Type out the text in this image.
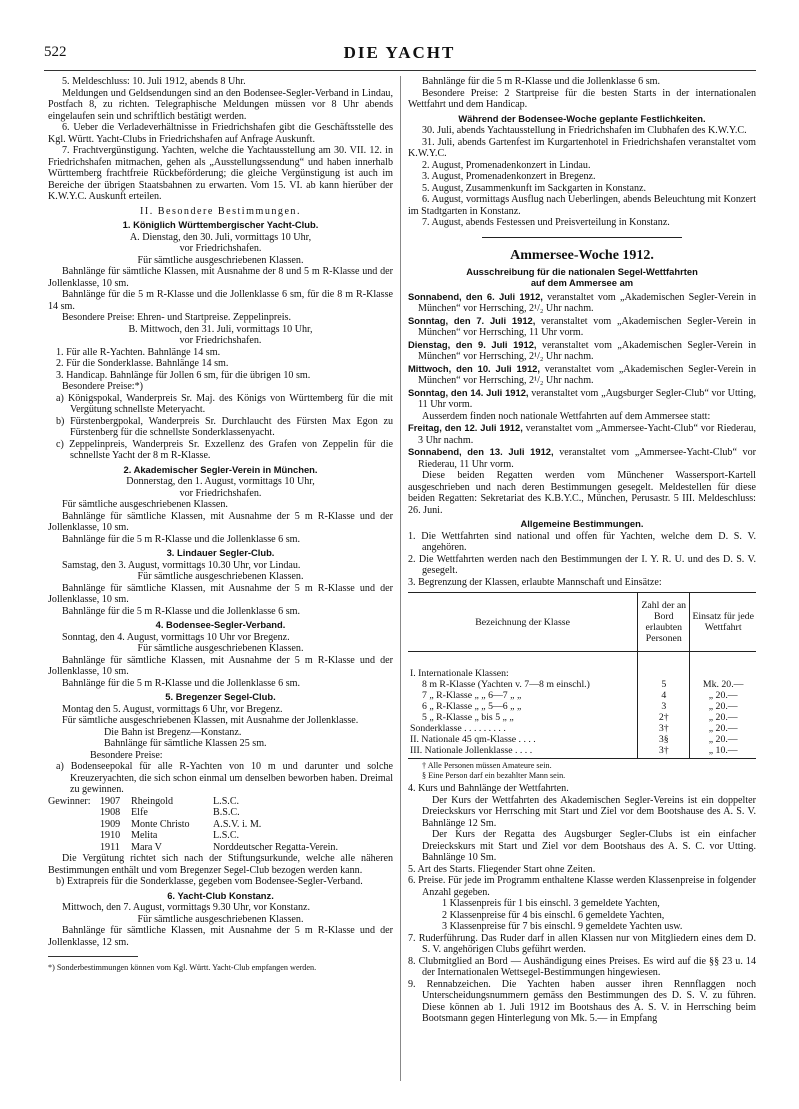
522	DIE YACHT

5. Meldeschluss: 10. Juli 1912, abends 8 Uhr.

Meldungen und Geldsendungen sind an den Bodensee-Segler-Verband in Lindau, Postfach 8, zu richten. Telegraphische Meldungen müssen vor 8 Uhr abends eingelaufen sein und schriftlich bestätigt werden.

6. Ueber die Verladeverhältnisse in Friedrichshafen gibt die Geschäftsstelle des Kgl. Württ. Yacht-Clubs in Friedrichshafen auf Anfrage Auskunft.

7. Frachtvergünstigung. Yachten, welche die Yachtausstellung am 30. VII. 12. in Friedrichshafen mitmachen, gehen als „Ausstellungssendung“ und haben innerhalb Württemberg frachtfreie Rückbeförderung; die gleiche Vergünstigung ist auch im Bereiche der übrigen Staatsbahnen zu erwarten. Vom 15. VI. ab kann hierüber der K.W.Y.C. Auskunft erteilen.

II. Besondere Bestimmungen.

1. Königlich Württembergischer Yacht-Club.

A. Dienstag, den 30. Juli, vormittags 10 Uhr,

vor Friedrichshafen.

Für sämtliche ausgeschriebenen Klassen.

Bahnlänge für sämtliche Klassen, mit Ausnahme der 8 und 5 m R-Klasse und der Jollenklasse, 10 sm.

Bahnlänge für die 5 m R-Klasse und die Jollenklasse 6 sm, für die 8 m R-Klasse 14 sm.

Besondere Preise: Ehren- und Startpreise. Zeppelinpreis.

B. Mittwoch, den 31. Juli, vormittags 10 Uhr,

vor Friedrichshafen.

1. Für alle R-Yachten. Bahnlänge 14 sm.

2. Für die Sonderklasse. Bahnlänge 14 sm.

3. Handicap. Bahnlänge für Jollen 6 sm, für die übrigen 10 sm.

Besondere Preise:*)

a) Königspokal, Wanderpreis Sr. Maj. des Königs von Württemberg für die mit Vergütung schnellste Meteryacht.

b) Fürstenbergpokal, Wanderpreis Sr. Durchlaucht des Fürsten Max Egon zu Fürstenberg für die schnellste Sonderklassenyacht.

c) Zeppelinpreis, Wanderpreis Sr. Exzellenz des Grafen von Zeppelin für die schnellste Yacht der 8 m R-Klasse.

2. Akademischer Segler-Verein in München.

Donnerstag, den 1. August, vormittags 10 Uhr,

vor Friedrichshafen.

Für sämtliche ausgeschriebenen Klassen.

Bahnlänge für sämtliche Klassen, mit Ausnahme der 5 m R-Klasse und der Jollenklasse, 10 sm.

Bahnlänge für die 5 m R-Klasse und die Jollenklasse 6 sm.

3. Lindauer Segler-Club.

Samstag, den 3. August, vormittags 10.30 Uhr, vor Lindau.

Für sämtliche ausgeschriebenen Klassen.

Bahnlänge für sämtliche Klassen, mit Ausnahme der 5 m R-Klasse und der Jollenklasse, 10 sm.

Bahnlänge für die 5 m R-Klasse und die Jollenklasse 6 sm.

4. Bodensee-Segler-Verband.

Sonntag, den 4. August, vormittags 10 Uhr vor Bregenz.

Für sämtliche ausgeschriebenen Klassen.

Bahnlänge für sämtliche Klassen, mit Ausnahme der 5 m R-Klasse und der Jollenklasse, 10 sm.

Bahnlänge für die 5 m R-Klasse und die Jollenklasse 6 sm.

5. Bregenzer Segel-Club.

Montag den 5. August, vormittags 6 Uhr, vor Bregenz.

Für sämtliche ausgeschriebenen Klassen, mit Ausnahme der Jollenklasse.

Die Bahn ist Bregenz—Konstanz.

Bahnlänge für sämtliche Klassen 25 sm.

Besondere Preise:

a) Bodenseepokal für alle R-Yachten von 10 m und darunter und solche Kreuzeryachten, die sich schon einmal um denselben beworben haben. Dreimal zu gewinnen.

Gewinner: 1907	Rheingold	L.S.C.
1908	Elfe	B.S.C.
1909	Monte Christo	A.S.V. i. M.
1910	Melita	L.S.C.
1911	Mara V	Norddeutscher Regatta-Verein.

Die Vergütung richtet sich nach der Stiftungsurkunde, welche alle näheren Bestimmungen enthält und vom Bregenzer Segel-Club bezogen werden kann.

b) Extrapreis für die Sonderklasse, gegeben vom Bodensee-Segler-Verband.

6. Yacht-Club Konstanz.

Mittwoch, den 7. August, vormittags 9.30 Uhr, vor Konstanz.

Für sämtliche ausgeschriebenen Klassen.

Bahnlänge für sämtliche Klassen, mit Ausnahme der 5 m R-Klasse und der Jollenklasse, 12 sm.

*) Sonderbestimmungen können vom Kgl. Württ. Yacht-Club empfangen werden.

Bahnlänge für die 5 m R-Klasse und die Jollenklasse 6 sm.

Besondere Preise: 2 Startpreise für die besten Starts in der internationalen Wettfahrt und dem Handicap.

Während der Bodensee-Woche geplante Festlichkeiten.

30. Juli, abends Yachtausstellung in Friedrichshafen im Clubhafen des K.W.Y.C.

31. Juli, abends Gartenfest im Kurgartenhotel in Friedrichshafen veranstaltet vom K.W.Y.C.

2. August, Promenadenkonzert in Lindau.

3. August, Promenadenkonzert in Bregenz.

5. August, Zusammenkunft im Sackgarten in Konstanz.

6. August, vormittags Ausflug nach Ueberlingen, abends Beleuchtung mit Konzert im Stadtgarten in Konstanz.

7. August, abends Festessen und Preisverteilung in Konstanz.

Ammersee-Woche 1912.

Ausschreibung für die nationalen Segel-Wettfahrten

auf dem Ammersee am

Sonnabend, den 6. Juli 1912, veranstaltet vom „Akademischen Segler-Verein in München“ vor Herrsching, 2¹/₂ Uhr nachm.

Sonntag, den 7. Juli 1912, veranstaltet vom „Akademischen Segler-Verein in München“ vor Herrsching, 11 Uhr vorm.

Dienstag, den 9. Juli 1912, veranstaltet vom „Akademischen Segler-Verein in München“ vor Herrsching, 2¹/₂ Uhr nachm.

Mittwoch, den 10. Juli 1912, veranstaltet vom „Akademischen Segler-Verein in München“ vor Herrsching, 2¹/₂ Uhr nachm.

Sonntag, den 14. Juli 1912, veranstaltet vom „Augsburger Segler-Club“ vor Utting, 11 Uhr vorm.

Ausserdem finden noch nationale Wettfahrten auf dem Ammersee statt:

Freitag, den 12. Juli 1912, veranstaltet vom „Ammersee-Yacht-Club“ vor Riederau, 3 Uhr nachm.

Sonnabend, den 13. Juli 1912, veranstaltet vom „Ammersee-Yacht-Club“ vor Riederau, 11 Uhr vorm.

Diese beiden Regatten werden vom Münchener Wassersport-Kartell ausgeschrieben und nach deren Bestimmungen gesegelt. Meldestellen für diese beiden Regatten: Sekretariat des K.B.Y.C., München, Perusastr. 5 III. Meldeschluss: 26. Juni.

Allgemeine Bestimmungen.

1. Die Wettfahrten sind national und offen für Yachten, welche dem D. S. V. angehören.

2. Die Wettfahrten werden nach den Bestimmungen der I. Y. R. U. und des D. S. V. gesegelt.

3. Begrenzung der Klassen, erlaubte Mannschaft und Einsätze:

Bezeichnung der Klasse	Zahl der an Bord erlaubten Personen	Einsatz für jede Wettfahrt
I. Internationale Klassen:		
8 m R-Klasse (Yachten v. 7—8 m einschl.)	5	Mk. 20.—
7 „ R-Klasse „ „ 6—7 „ „	4	„ 20.—
6 „ R-Klasse „ „ 5—6 „ „	3	„ 20.—
5 „ R-Klasse „ bis 5 „ „	2†	„ 20.—
Sonderklasse . . . . . . . . .	3†	„ 20.—
II. Nationale 45 qm-Klasse . . . .	3§	„ 20.—
III. Nationale Jollenklasse . . . .	3†	„ 10.—

† Alle Personen müssen Amateure sein.

§ Eine Person darf ein bezahlter Mann sein.

4. Kurs und Bahnlänge der Wettfahrten.

Der Kurs der Wettfahrten des Akademischen Segler-Vereins ist ein doppelter Dreieckskurs vor Herrsching mit Start und Ziel vor dem Bootshause des A. S. V. Bahnlänge 12 Sm.

Der Kurs der Regatta des Augsburger Segler-Clubs ist ein einfacher Dreieckskurs mit Start und Ziel vor dem Bootshaus des A. S. C. vor Utting. Bahnlänge 10 Sm.

5. Art des Starts. Fliegender Start ohne Zeiten.

6. Preise. Für jede im Programm enthaltene Klasse werden Klassenpreise in folgender Anzahl gegeben.

1 Klassenpreis für 1 bis einschl. 3 gemeldete Yachten,

2 Klassenpreise für 4 bis einschl. 6 gemeldete Yachten,

3 Klassenpreise für 7 bis einschl. 9 gemeldete Yachten usw.

7. Ruderführung. Das Ruder darf in allen Klassen nur von Mitgliedern eines dem D. S. V. angehörigen Clubs geführt werden.

8. Clubmitglied an Bord — Aushändigung eines Preises. Es wird auf die §§ 23 u. 14 der Internationalen Wettsegel-Bestimmungen hingewiesen.

9. Rennabzeichen. Die Yachten haben ausser ihren Rennflaggen noch Unterscheidungsnummern gemäss den Bestimmungen des D. S. V. zu führen. Diese können ab 1. Juli 1912 im Bootshaus des A. S. V. in Herrsching beim Bootsmann gegen Hinterlegung von Mk. 5.— in Empfang
